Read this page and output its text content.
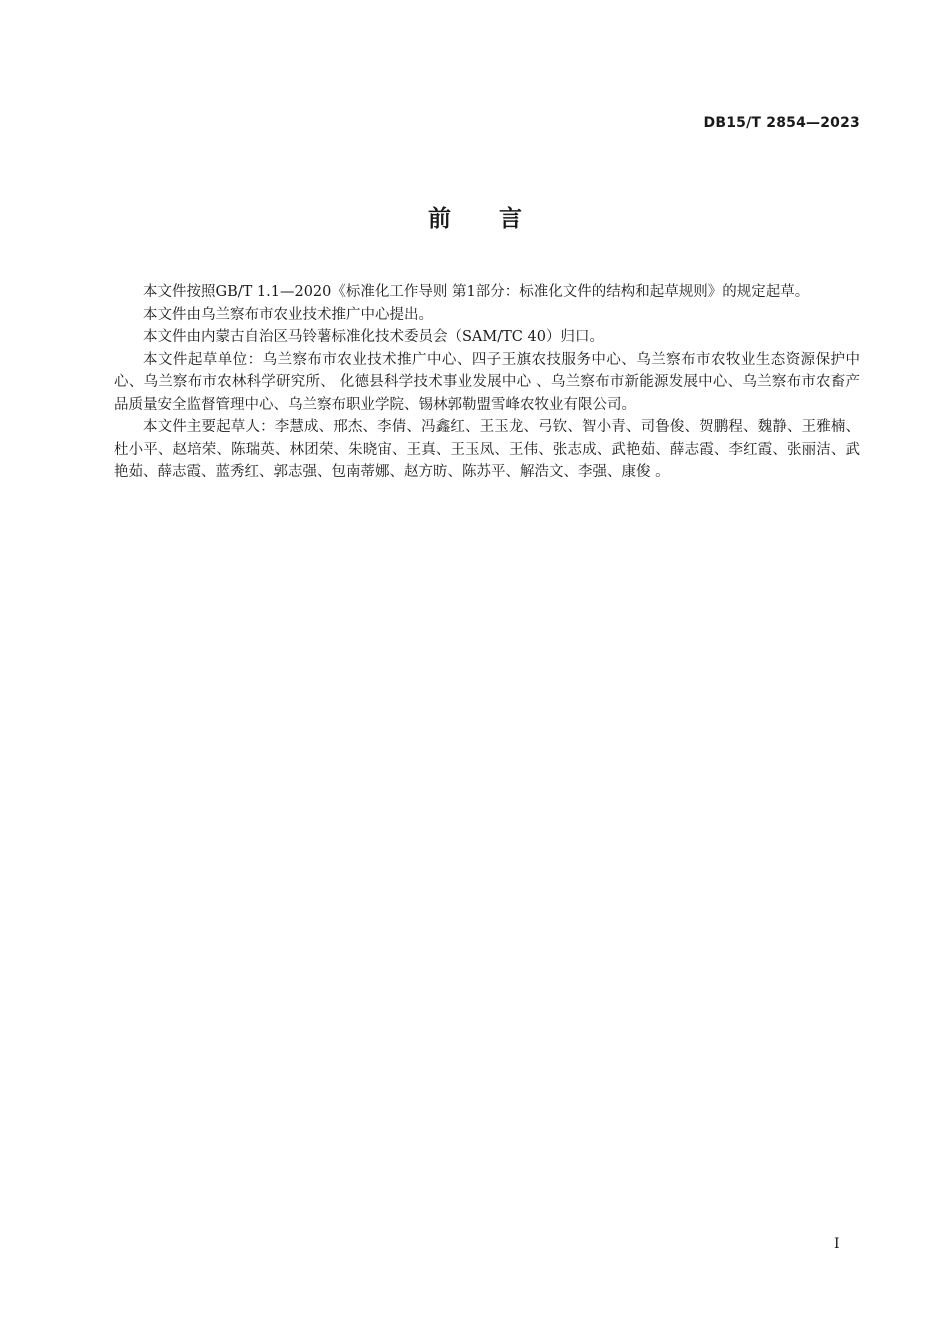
DB15/T 2854—2023
前言

本文件按照GB/T 1.1—2020《标准化工作导则 第1部分：标准化文件的结构和起草规则》的规定起草。

本文件由乌兰察布市农业技术推广中心提出。

本文件由内蒙古自治区马铃薯标准化技术委员会（SAM/TC 40）归口。

本文件起草单位：乌兰察布市农业技术推广中心、四子王旗农技服务中心、乌兰察布市农牧业生态资源保护中心、乌兰察布市农林科学研究所、 化德县科学技术事业发展中心 、乌兰察布市新能源发展中心、乌兰察布市农畜产品质量安全监督管理中心、乌兰察布职业学院、锡林郭勒盟雪峰农牧业有限公司。

本文件主要起草人：李慧成、邢杰、李倩、冯鑫红、王玉龙、弓钦、智小青、司鲁俊、贺鹏程、魏静、王雅楠、杜小平、赵培荣、陈瑞英、林团荣、朱晓宙、王真、王玉凤、王伟、张志成、武艳茹、薛志霞、李红霞、张丽洁、武艳茹、薛志霞、蓝秀红、郭志强、包南蒂娜、赵方昉、陈苏平、解浩文、李强、康俊 。

I
